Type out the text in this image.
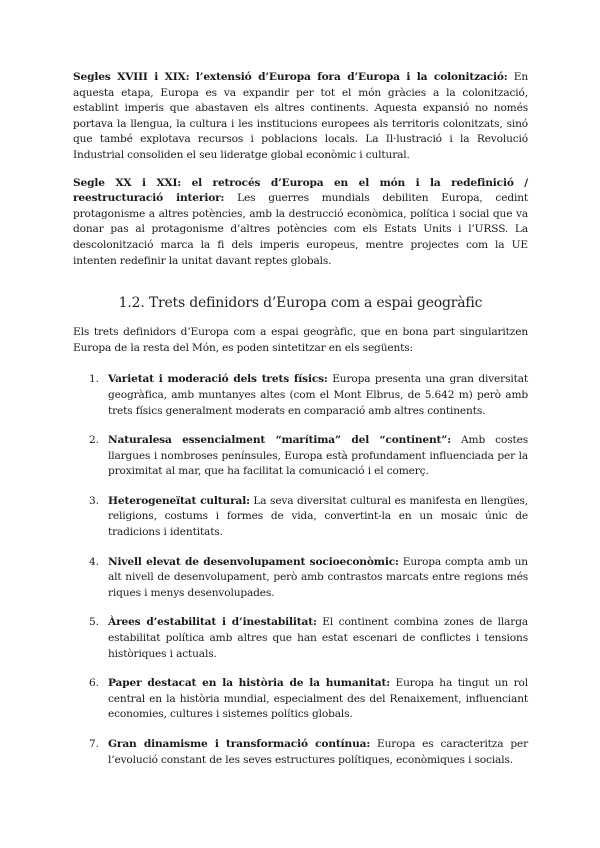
Segles XVIII i XIX: l’extensió d’Europa fora d’Europa i la colonització: En aquesta etapa, Europa es va expandir per tot el món gràcies a la colonització, establint imperis que abastaven els altres continents. Aquesta expansió no només portava la llengua, la cultura i les institucions europees als territoris colonitzats, sinó que també explotava recursos i poblacions locals. La Il·lustració i la Revolució Industrial consoliden el seu lideratge global econòmic i cultural.

Segle XX i XXI: el retrocés d’Europa en el món i la redefinició / reestructuració interior: Les guerres mundials debiliten Europa, cedint protagonisme a altres potències, amb la destrucció econòmica, política i social que va donar pas al protagonisme d’altres potències com els Estats Units i l’URSS. La descolonització marca la fi dels imperis europeus, mentre projectes com la UE intenten redefinir la unitat davant reptes globals.

1.2. Trets definidors d’Europa com a espai geogràfic

Els trets definidors d’Europa com a espai geogràfic, que en bona part singularitzen Europa de la resta del Món, es poden sintetitzar en els següents:

1. Varietat i moderació dels trets físics: Europa presenta una gran diversitat geogràfica, amb muntanyes altes (com el Mont Elbrus, de 5.642 m) però amb trets físics generalment moderats en comparació amb altres continents.
2. Naturalesa essencialment “marítima” del “continent”: Amb costes llargues i nombroses penínsules, Europa està profundament influenciada per la proximitat al mar, que ha facilitat la comunicació i el comerç.
3. Heterogeneïtat cultural: La seva diversitat cultural es manifesta en llengües, religions, costums i formes de vida, convertint-la en un mosaic únic de tradicions i identitats.
4. Nivell elevat de desenvolupament socioeconòmic: Europa compta amb un alt nivell de desenvolupament, però amb contrastos marcats entre regions més riques i menys desenvolupades.
5. Àrees d’estabilitat i d’inestabilitat: El continent combina zones de llarga estabilitat política amb altres que han estat escenari de conflictes i tensions històriques i actuals.
6. Paper destacat en la història de la humanitat: Europa ha tingut un rol central en la història mundial, especialment des del Renaixement, influenciant economies, cultures i sistemes polítics globals.
7. Gran dinamisme i transformació contínua: Europa es caracteritza per l’evolució constant de les seves estructures polítiques, econòmiques i socials.
